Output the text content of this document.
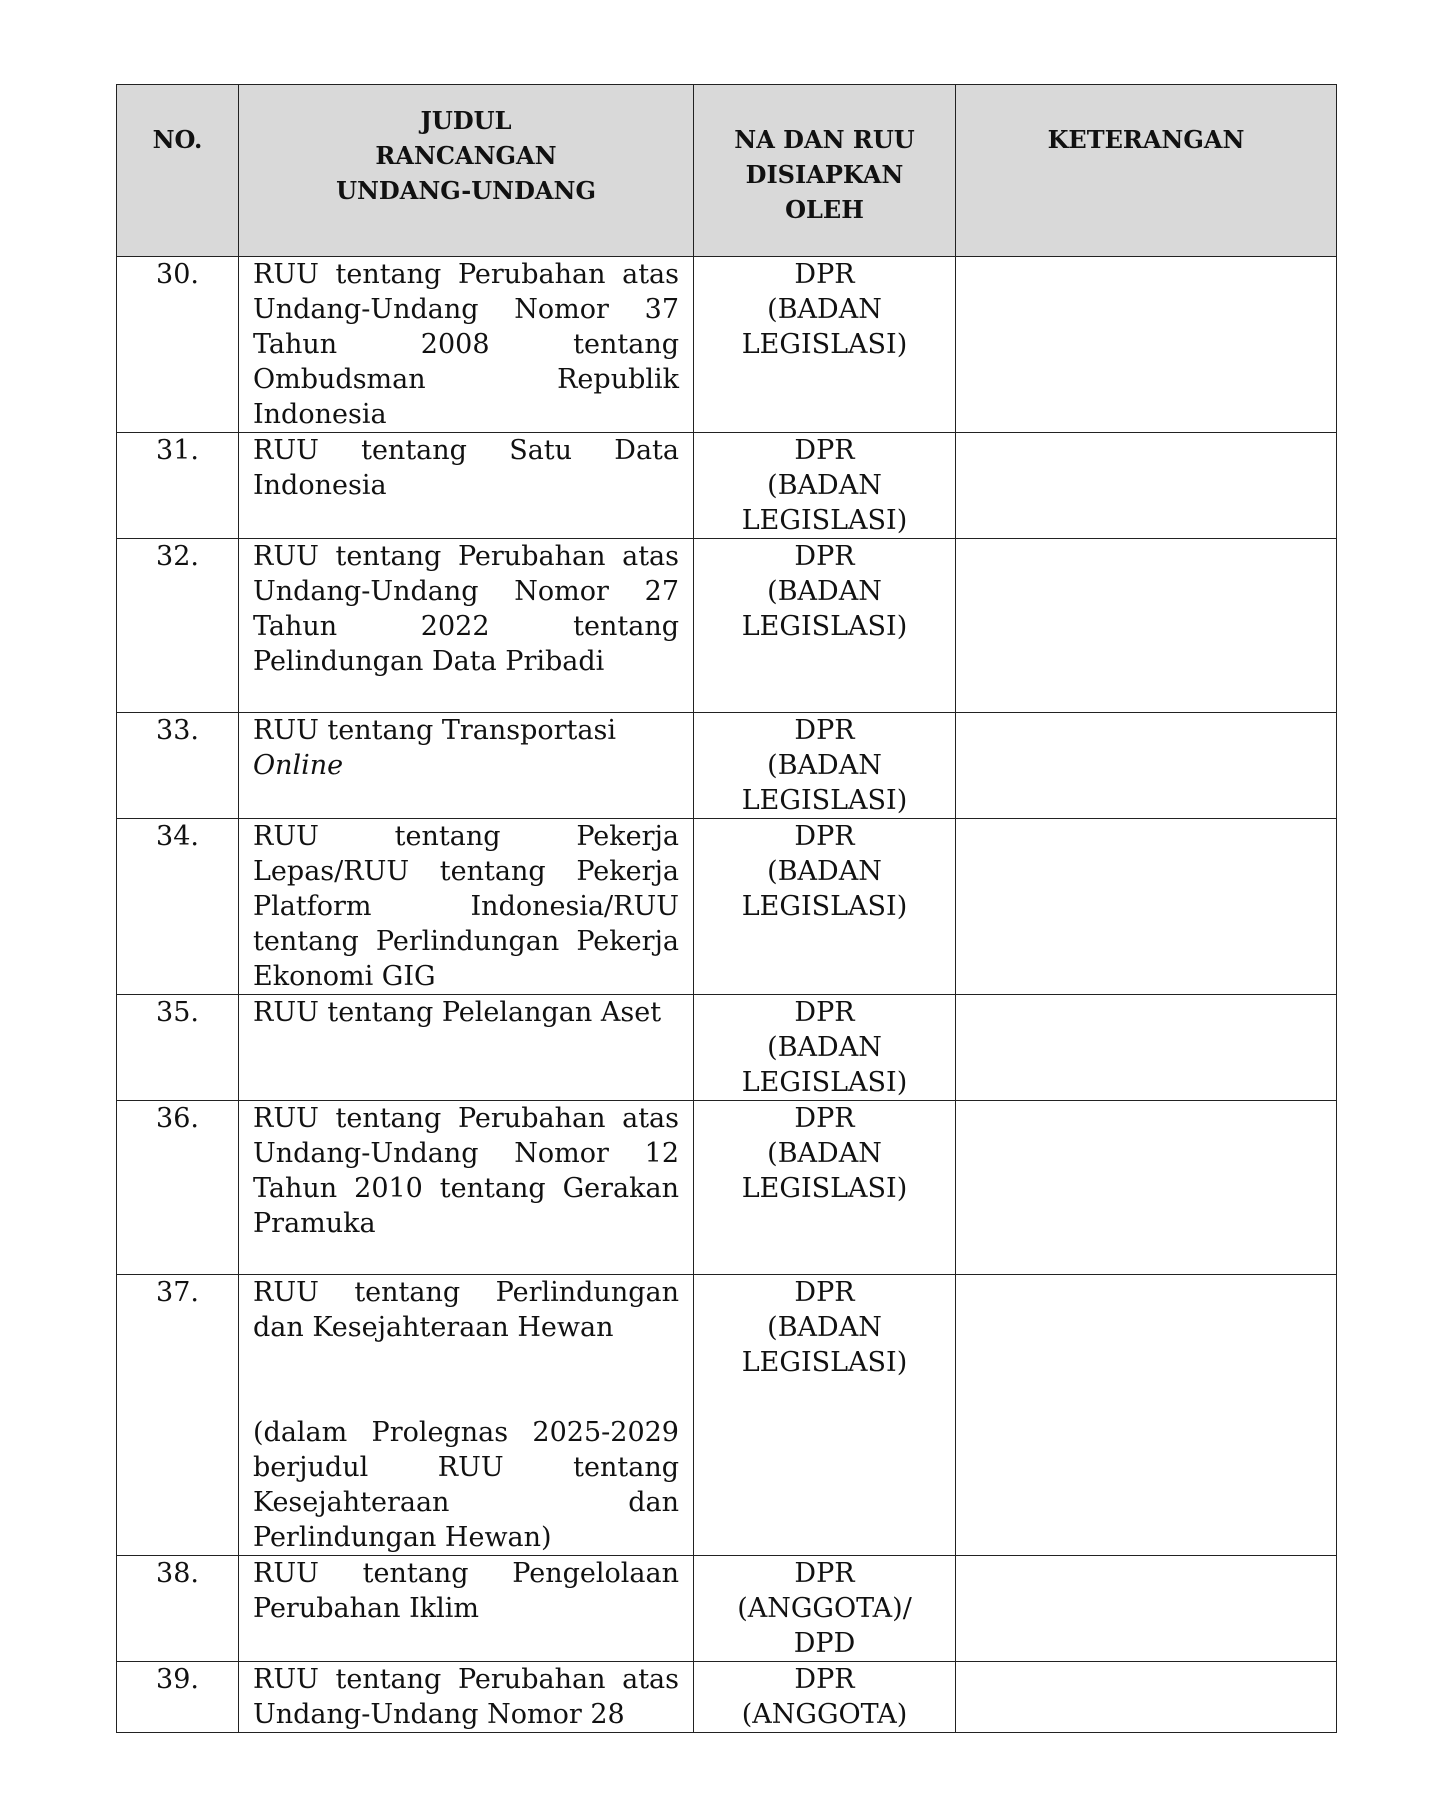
NO.	JUDUL
RANCANGAN
UNDANG-UNDANG	NA DAN RUU
DISIAPKAN
OLEH	KETERANGAN

30.	RUU tentang Perubahan atas Undang-Undang Nomor 37 Tahun 2008 tentang Ombudsman Republik Indonesia	DPR
(BADAN
LEGISLASI)	

31.	RUU tentang Satu Data Indonesia	DPR
(BADAN
LEGISLASI)	

32.	RUU tentang Perubahan atas Undang-Undang Nomor 27 Tahun 2022 tentang Pelindungan Data Pribadi	DPR
(BADAN
LEGISLASI)	

33.	RUU tentang Transportasi
Online	DPR
(BADAN
LEGISLASI)	

34.	RUU tentang Pekerja Lepas/RUU tentang Pekerja Platform Indonesia/RUU tentang Perlindungan Pekerja Ekonomi GIG	DPR
(BADAN
LEGISLASI)	

35.	RUU tentang Pelelangan Aset	DPR
(BADAN
LEGISLASI)	

36.	RUU tentang Perubahan atas Undang-Undang Nomor 12 Tahun 2010 tentang Gerakan Pramuka	DPR
(BADAN
LEGISLASI)	

37.	RUU tentang Perlindungan dan Kesejahteraan Hewan
(dalam Prolegnas 2025-2029 berjudul RUU tentang Kesejahteraan dan Perlindungan Hewan)	DPR
(BADAN
LEGISLASI)	

38.	RUU tentang Pengelolaan Perubahan Iklim	DPR
(ANGGOTA)/
DPD	

39.	RUU tentang Perubahan atas Undang-Undang Nomor 28	DPR
(ANGGOTA)	
